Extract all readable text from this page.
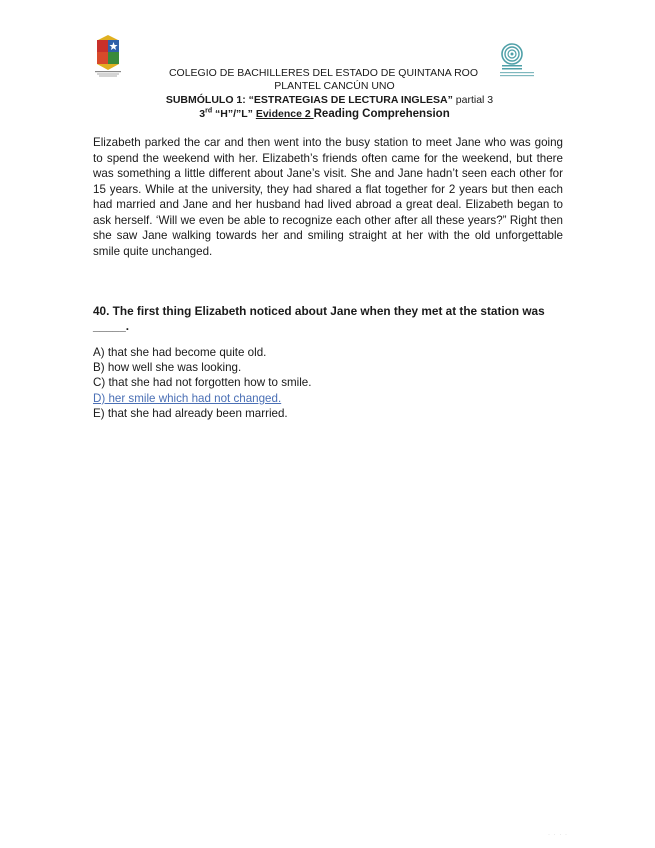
COLEGIO DE BACHILLERES DEL ESTADO DE QUINTANA ROO
PLANTEL CANCÚN UNO
SUBMÓLULO 1: “ESTRATEGIAS DE LECTURA INGLESA” partial 3
3rd “H”/”L” Evidence 2 Reading Comprehension

Elizabeth parked the car and then went into the busy station to meet Jane who was going to spend the weekend with her. Elizabeth’s friends often came for the weekend, but there was something a little different about Jane’s visit. She and Jane hadn’t seen each other for 15 years. While at the university, they had shared a flat together for 2 years but then each had married and Jane and her husband had lived abroad a great deal. Elizabeth began to ask herself. ‘Will we even be able to recognize each other after all these years?” Right then she saw Jane walking towards her and smiling straight at her with the old unforgettable smile quite unchanged.

40. The first thing Elizabeth noticed about Jane when they met at the station was _____.

A) that she had become quite old.
B) how well she was looking.
C) that she had not forgotten how to smile.
D) her smile which had not changed.
E) that she had already been married.
· · · ·
